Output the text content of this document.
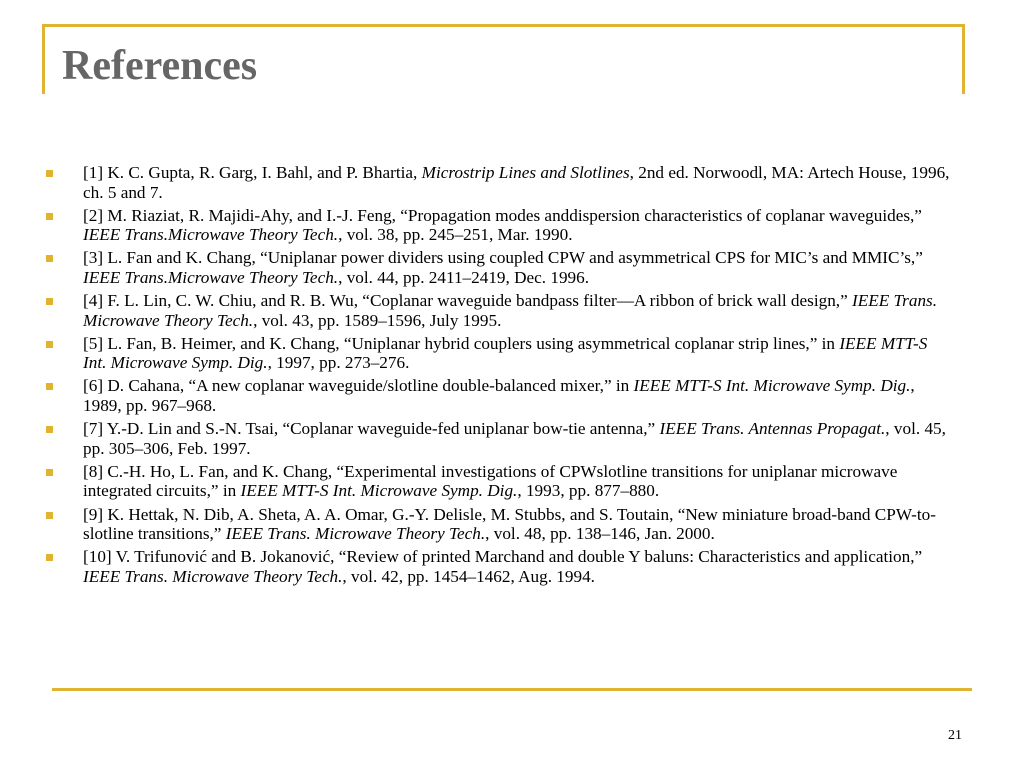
References
[1] K. C. Gupta, R. Garg, I. Bahl, and P. Bhartia, Microstrip Lines and Slotlines, 2nd ed. Norwoodl, MA: Artech House, 1996, ch. 5 and 7.
[2] M. Riaziat, R. Majidi-Ahy, and I.-J. Feng, “Propagation modes anddispersion characteristics of coplanar waveguides,” IEEE Trans.Microwave Theory Tech., vol. 38, pp. 245–251, Mar. 1990.
[3] L. Fan and K. Chang, “Uniplanar power dividers using coupled CPW and asymmetrical CPS for MIC’s and MMIC’s,” IEEE Trans.Microwave Theory Tech., vol. 44, pp. 2411–2419, Dec. 1996.
[4] F. L. Lin, C. W. Chiu, and R. B. Wu, “Coplanar waveguide bandpass filter—A ribbon of brick wall design,” IEEE Trans. Microwave Theory Tech., vol. 43, pp. 1589–1596, July 1995.
[5] L. Fan, B. Heimer, and K. Chang, “Uniplanar hybrid couplers using asymmetrical coplanar strip lines,” in IEEE MTT-S Int. Microwave Symp. Dig., 1997, pp. 273–276.
[6] D. Cahana, “A new coplanar waveguide/slotline double-balanced mixer,” in IEEE MTT-S Int. Microwave Symp. Dig., 1989, pp. 967–968.
[7] Y.-D. Lin and S.-N. Tsai, “Coplanar waveguide-fed uniplanar bow-tie antenna,” IEEE Trans. Antennas Propagat., vol. 45, pp. 305–306, Feb. 1997.
[8] C.-H. Ho, L. Fan, and K. Chang, “Experimental investigations of CPWslotline transitions for uniplanar microwave integrated circuits,” in IEEE MTT-S Int. Microwave Symp. Dig., 1993, pp. 877–880.
[9] K. Hettak, N. Dib, A. Sheta, A. A. Omar, G.-Y. Delisle, M. Stubbs, and S. Toutain, “New miniature broad-band CPW-to-slotline transitions,” IEEE Trans. Microwave Theory Tech., vol. 48, pp. 138–146, Jan. 2000.
[10] V. Trifunović and B. Jokanović, “Review of printed Marchand and double Y baluns: Characteristics and application,” IEEE Trans. Microwave Theory Tech., vol. 42, pp. 1454–1462, Aug. 1994.
21
